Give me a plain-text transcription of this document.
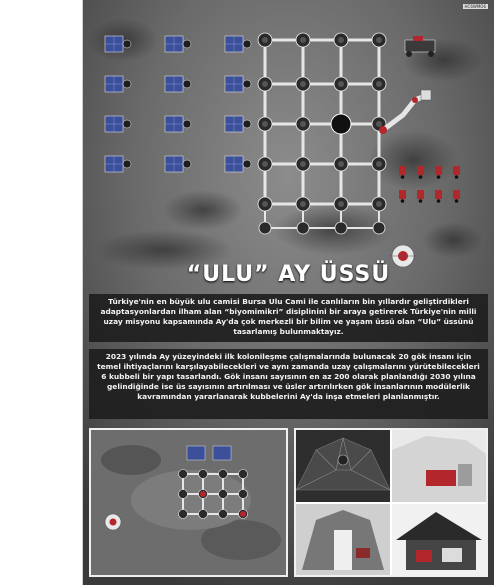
HC6WMO6
“ULU” AY ÜSSÜ
Türkiye'nin en büyük ulu camisi Bursa Ulu Cami ile canlıların bin yıllardır geliştirdikleri adaptasyonlardan ilham alan “biyomimikri” disiplinini bir araya getirerek Türkiye'nin milli uzay misyonu kapsamında Ay'da çok merkezli bir bilim ve yaşam üssü olan “Ulu” üssünü tasarlamış bulunmaktayız.
2023 yılında Ay yüzeyindeki ilk kolonileşme çalışmalarında bulunacak 20 gök insanı için temel ihtiyaçlarını karşılayabilecekleri ve aynı zamanda uzay çalışmalarını yürütebilecekleri 6 kubbeli bir yapı tasarlandı. Gök insanı sayısının en az 200 olarak planlandığı 2030 yılına gelindiğinde ise üs sayısının artırılması ve üsler artırılırken gök insanlarının modülerlik kavramından yararlanarak kubbelerini Ay'da inşa etmeleri planlanmıştır.
